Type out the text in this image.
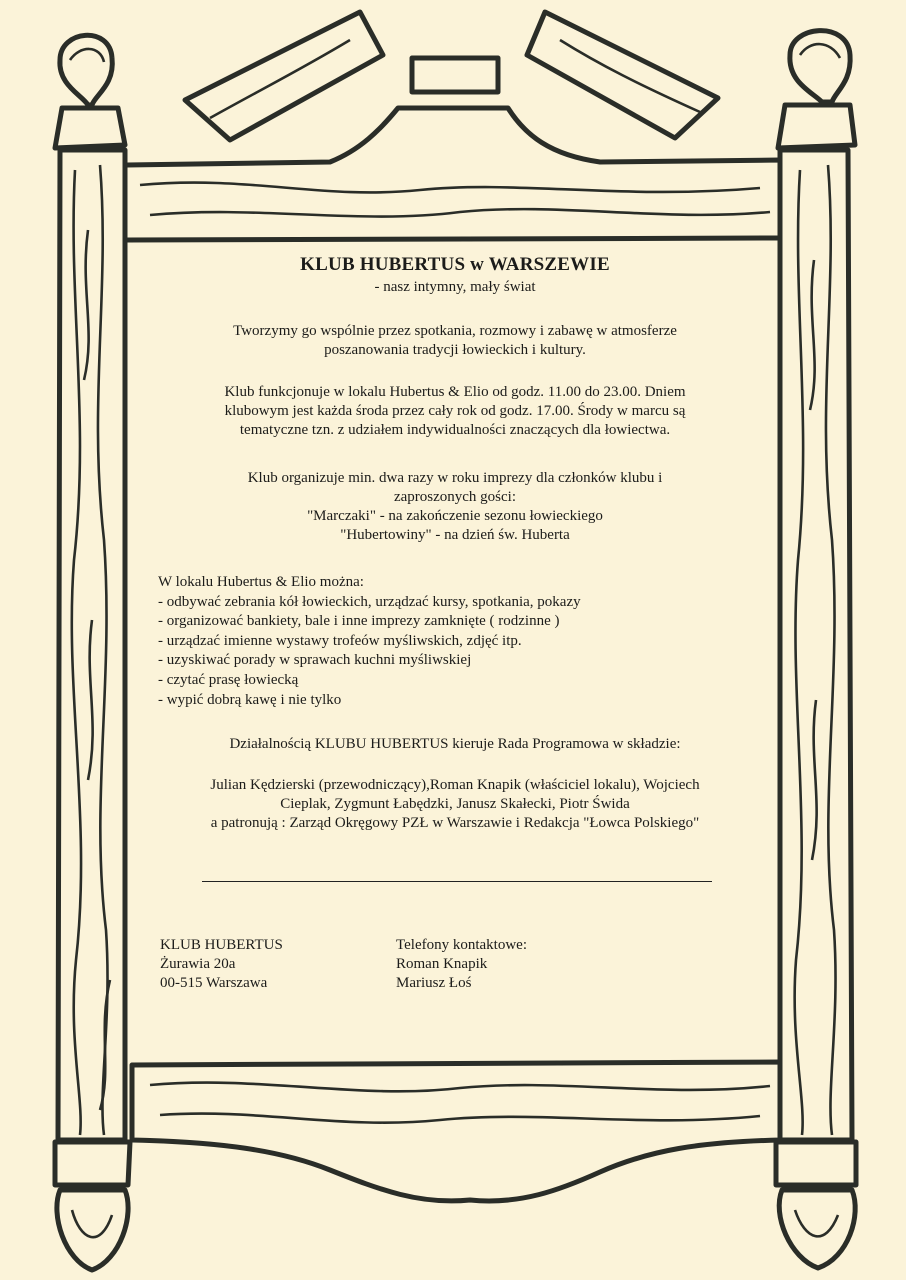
KLUB HUBERTUS w WARSZEWIE
- nasz intymny, mały świat
Tworzymy go wspólnie przez spotkania, rozmowy i zabawę w atmosferze
poszanowania tradycji łowieckich i kultury.
Klub funkcjonuje w lokalu Hubertus & Elio od godz. 11.00 do 23.00. Dniem
klubowym jest każda środa przez cały rok od godz. 17.00. Środy w marcu są
tematyczne tzn. z udziałem indywidualności znaczących dla łowiectwa.
Klub organizuje min. dwa razy w roku imprezy dla członków klubu i
zaproszonych gości:
"Marczaki" - na zakończenie sezonu łowieckiego
"Hubertowiny" - na dzień św. Huberta
W lokalu Hubertus & Elio można:
- odbywać zebrania kół łowieckich, urządzać kursy, spotkania, pokazy
- organizować bankiety, bale i inne imprezy zamknięte ( rodzinne )
- urządzać imienne wystawy trofeów myśliwskich, zdjęć itp.
- uzyskiwać porady w sprawach kuchni myśliwskiej
- czytać prasę łowiecką
- wypić dobrą kawę i nie tylko
Działalnością KLUBU HUBERTUS kieruje Rada Programowa w składzie:
Julian Kędzierski (przewodniczący),Roman Knapik (właściciel lokalu), Wojciech
Cieplak, Zygmunt Łabędzki, Janusz Skałecki, Piotr Świda
a patronują : Zarząd Okręgowy PZŁ w Warszawie i Redakcja "Łowca Polskiego"
KLUB HUBERTUS
Żurawia 20a
00-515 Warszawa
Telefony kontaktowe:
Roman Knapik
Mariusz Łoś
